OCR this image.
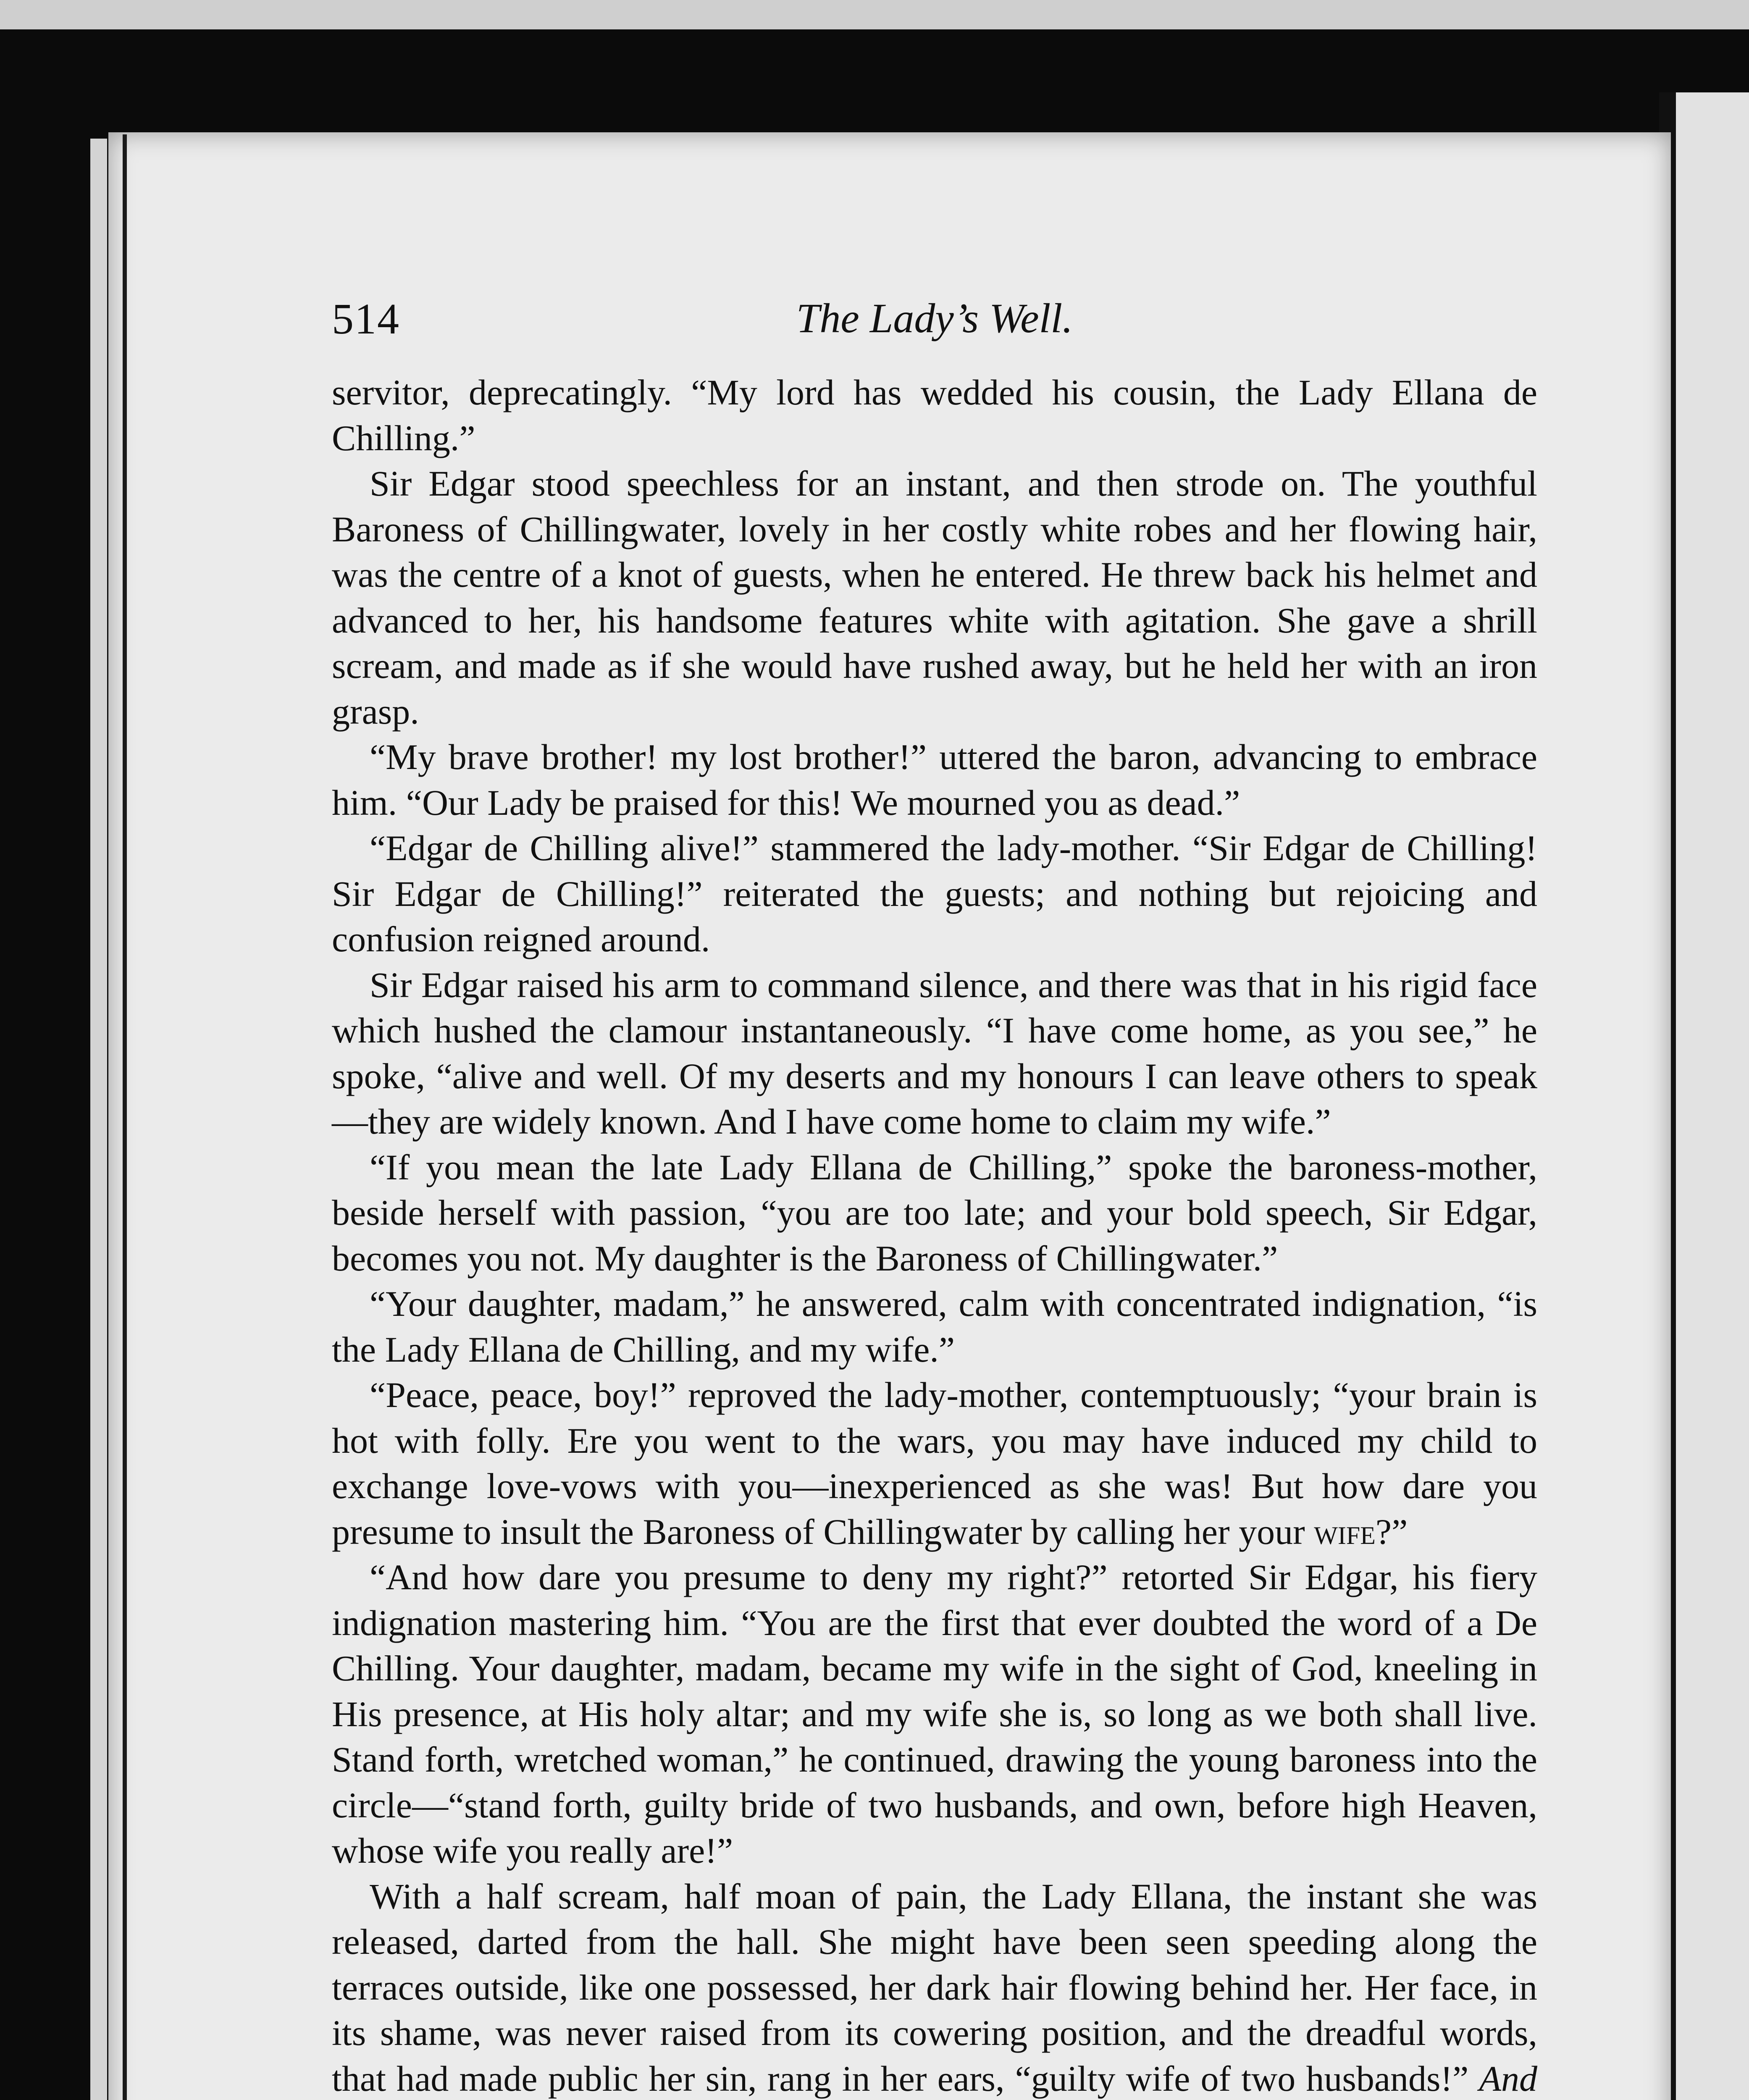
514	The Lady’s Well.

servitor, deprecatingly. “My lord has wedded his cousin, the Lady Ellana de Chilling.”

Sir Edgar stood speechless for an instant, and then strode on. The youthful Baroness of Chillingwater, lovely in her costly white robes and her flowing hair, was the centre of a knot of guests, when he entered. He threw back his helmet and advanced to her, his handsome features white with agitation. She gave a shrill scream, and made as if she would have rushed away, but he held her with an iron grasp.

“My brave brother! my lost brother!” uttered the baron, advancing to embrace him. “Our Lady be praised for this! We mourned you as dead.”

“Edgar de Chilling alive!” stammered the lady-mother. “Sir Edgar de Chilling! Sir Edgar de Chilling!” reiterated the guests; and nothing but rejoicing and confusion reigned around.

Sir Edgar raised his arm to command silence, and there was that in his rigid face which hushed the clamour instantaneously. “I have come home, as you see,” he spoke, “alive and well. Of my deserts and my honours I can leave others to speak—they are widely known. And I have come home to claim my wife.”

“If you mean the late Lady Ellana de Chilling,” spoke the baroness-mother, beside herself with passion, “you are too late; and your bold speech, Sir Edgar, becomes you not. My daughter is the Baroness of Chillingwater.”

“Your daughter, madam,” he answered, calm with concentrated indignation, “is the Lady Ellana de Chilling, and my wife.”

“Peace, peace, boy!” reproved the lady-mother, contemptuously; “your brain is hot with folly. Ere you went to the wars, you may have induced my child to exchange love-vows with you—inexperienced as she was! But how dare you presume to insult the Baroness of Chillingwater by calling her your wife?”

“And how dare you presume to deny my right?” retorted Sir Edgar, his fiery indignation mastering him. “You are the first that ever doubted the word of a De Chilling. Your daughter, madam, became my wife in the sight of God, kneeling in His presence, at His holy altar; and my wife she is, so long as we both shall live. Stand forth, wretched woman,” he continued, drawing the young baroness into the circle—“stand forth, guilty bride of two husbands, and own, before high Heaven, whose wife you really are!”

With a half scream, half moan of pain, the Lady Ellana, the instant she was released, darted from the hall. She might have been seen speeding along the terraces outside, like one possessed, her dark hair flowing behind her. Her face, in its shame, was never raised from its cowering position, and the dreadful words, that had made public her sin, rang in her ears, “guilty wife of two husbands!” And
